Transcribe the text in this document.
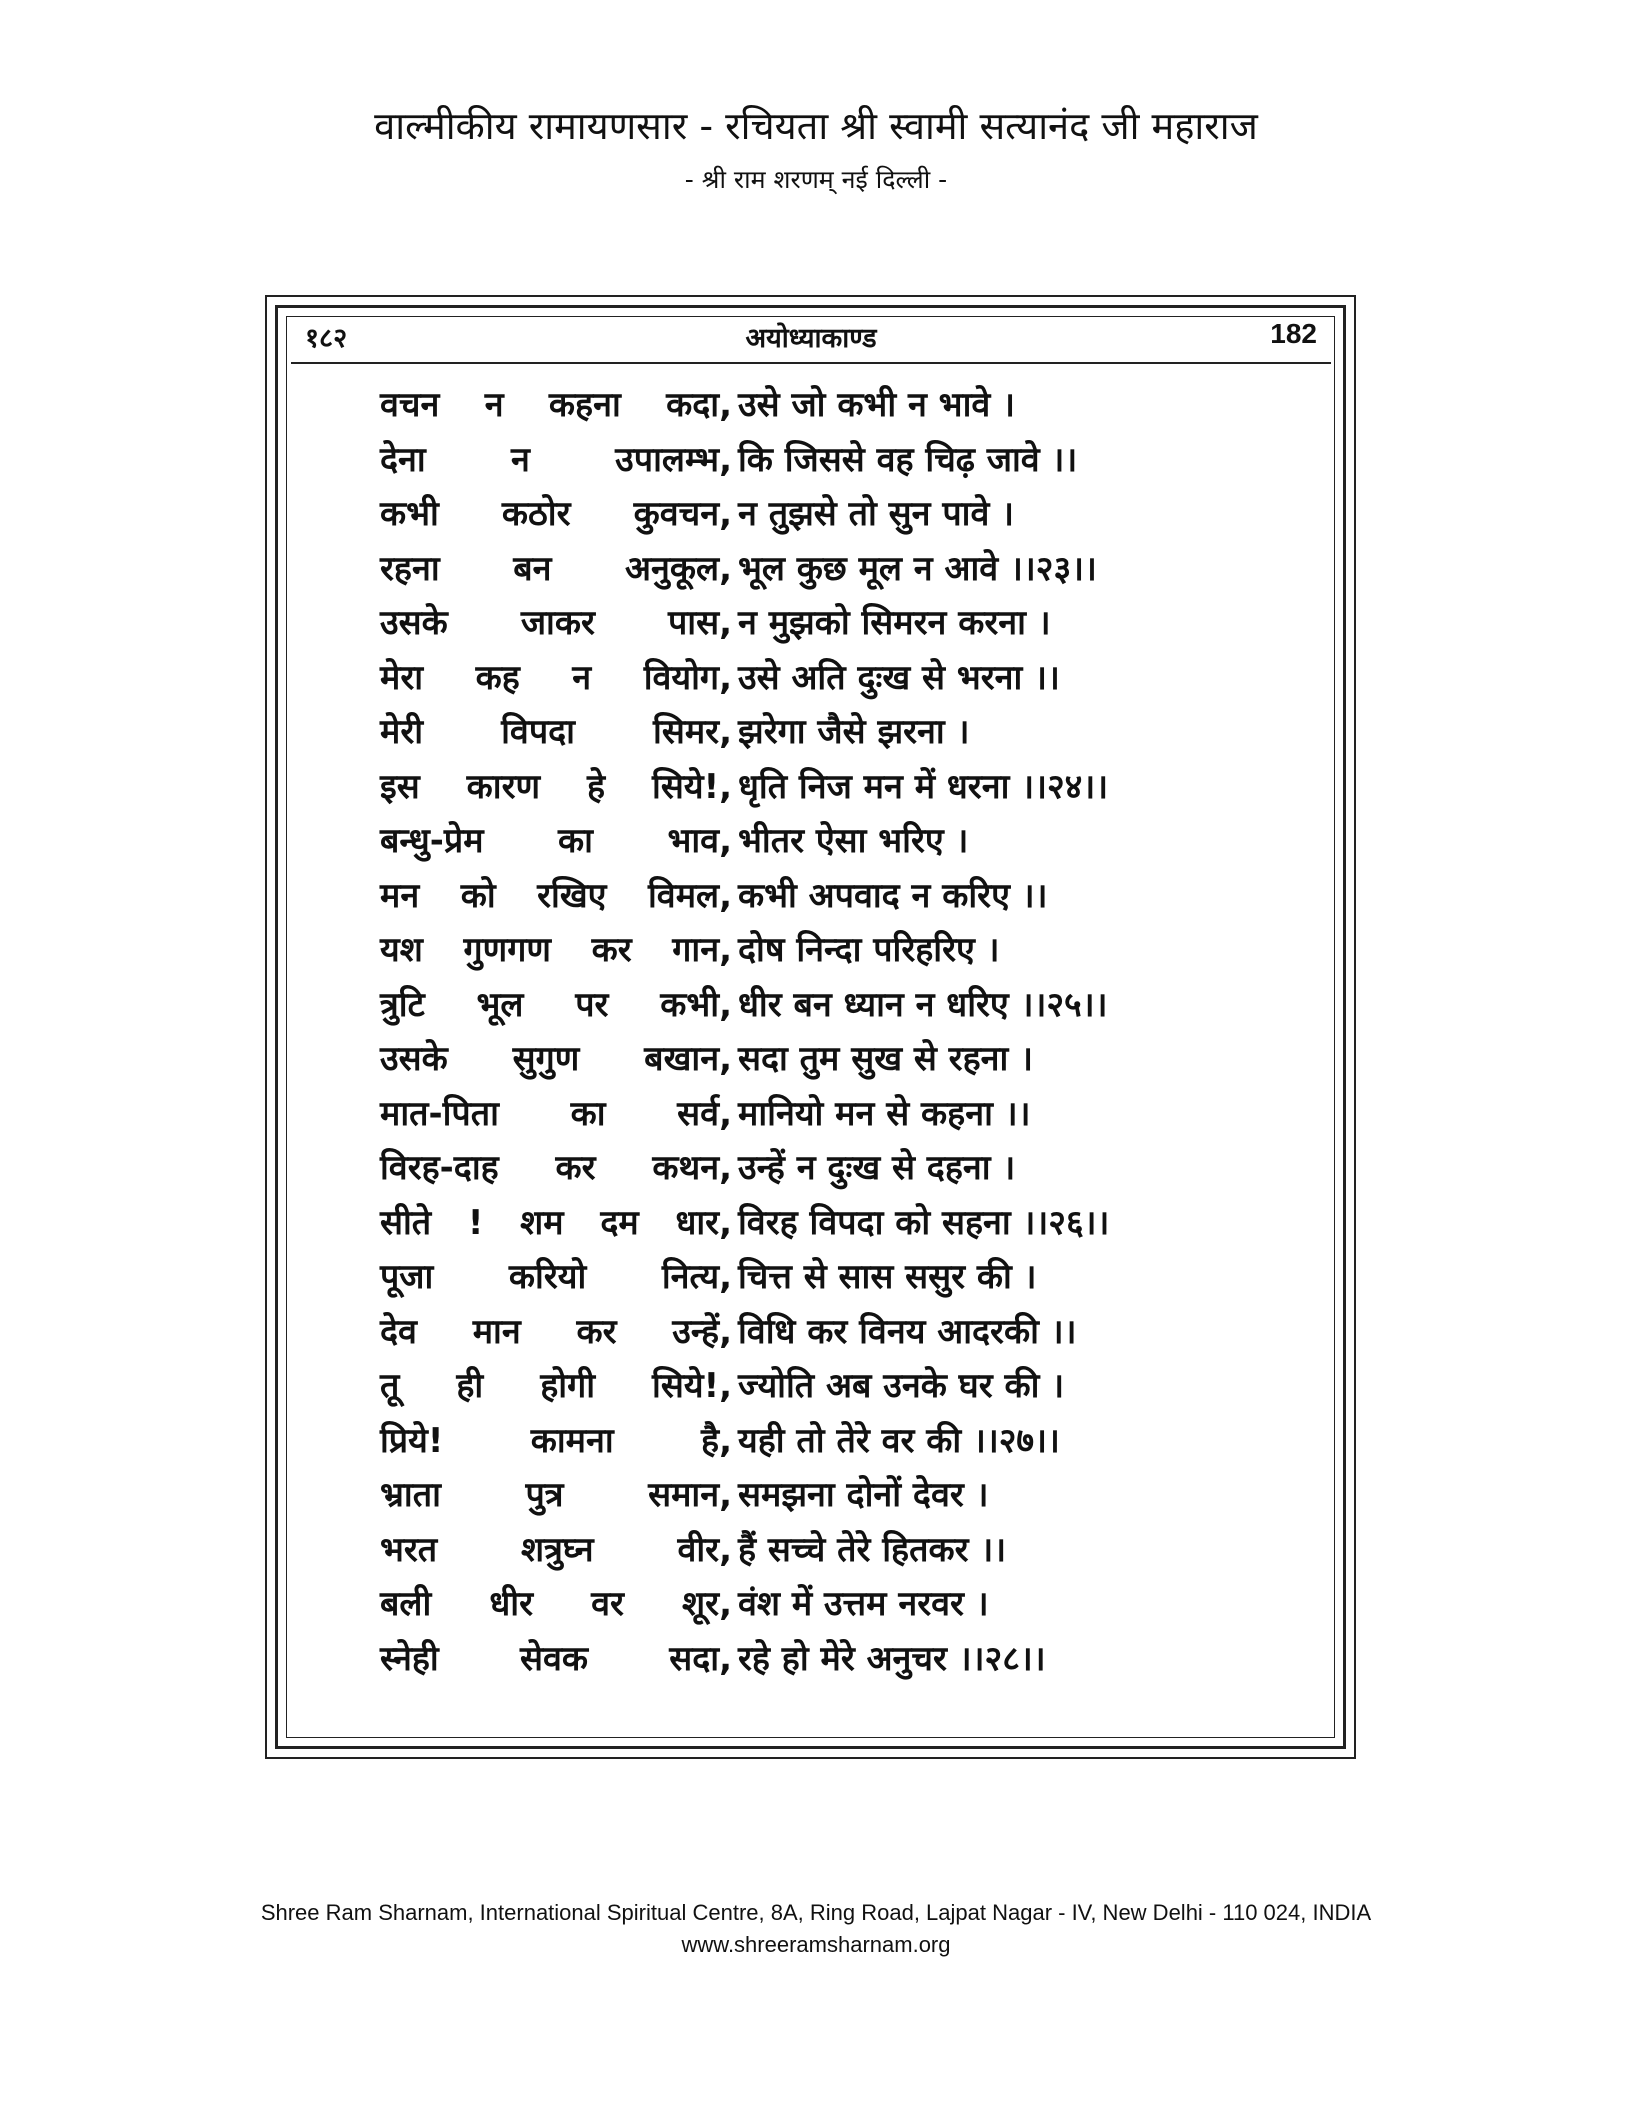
वाल्मीकीय रामायणसार - रचियता श्री स्वामी सत्यानंद जी महाराज
- श्री राम शरणम् नई दिल्ली -
१८२	अयोध्याकाण्ड	182
वचन न कहना कदा, उसे जो कभी न भावे ।
देना न उपालम्भ, कि जिससे वह चिढ़ जावे ।।
कभी कठोर कुवचन, न तुझसे तो सुन पावे ।
रहना बन अनुकूल, भूल कुछ मूल न आवे ।।२३।।
उसके जाकर पास, न मुझको सिमरन करना ।
मेरा कह न वियोग, उसे अति दुःख से भरना ।।
मेरी विपदा सिमर, झरेगा जैसे झरना ।
इस कारण हे सिये!, धृति निज मन में धरना ।।२४।।
बन्धु-प्रेम का भाव, भीतर ऐसा भरिए ।
मन को रखिए विमल, कभी अपवाद न करिए ।।
यश गुणगण कर गान, दोष निन्दा परिहरिए ।
त्रुटि भूल पर कभी, धीर बन ध्यान न धरिए ।।२५।।
उसके सुगुण बखान, सदा तुम सुख से रहना ।
मात-पिता का सर्व, मानियो मन से कहना ।।
विरह-दाह कर कथन, उन्हें न दुःख से दहना ।
सीते ! शम दम धार, विरह विपदा को सहना ।।२६।।
पूजा करियो नित्य, चित्त से सास ससुर की ।
देव मान कर उन्हें, विधि कर विनय आदरकी ।।
तू ही होगी सिये!, ज्योति अब उनके घर की ।
प्रिये! कामना है, यही तो तेरे वर की ।।२७।।
भ्राता पुत्र समान, समझना दोनों देवर ।
भरत शत्रुघ्न वीर, हैं सच्चे तेरे हितकर ।।
बली धीर वर शूर, वंश में उत्तम नरवर ।
स्नेही सेवक सदा, रहे हो मेरे अनुचर ।।२८।।
Shree Ram Sharnam, International Spiritual Centre, 8A, Ring Road, Lajpat Nagar - IV, New Delhi - 110 024, INDIA
www.shreeramsharnam.org
